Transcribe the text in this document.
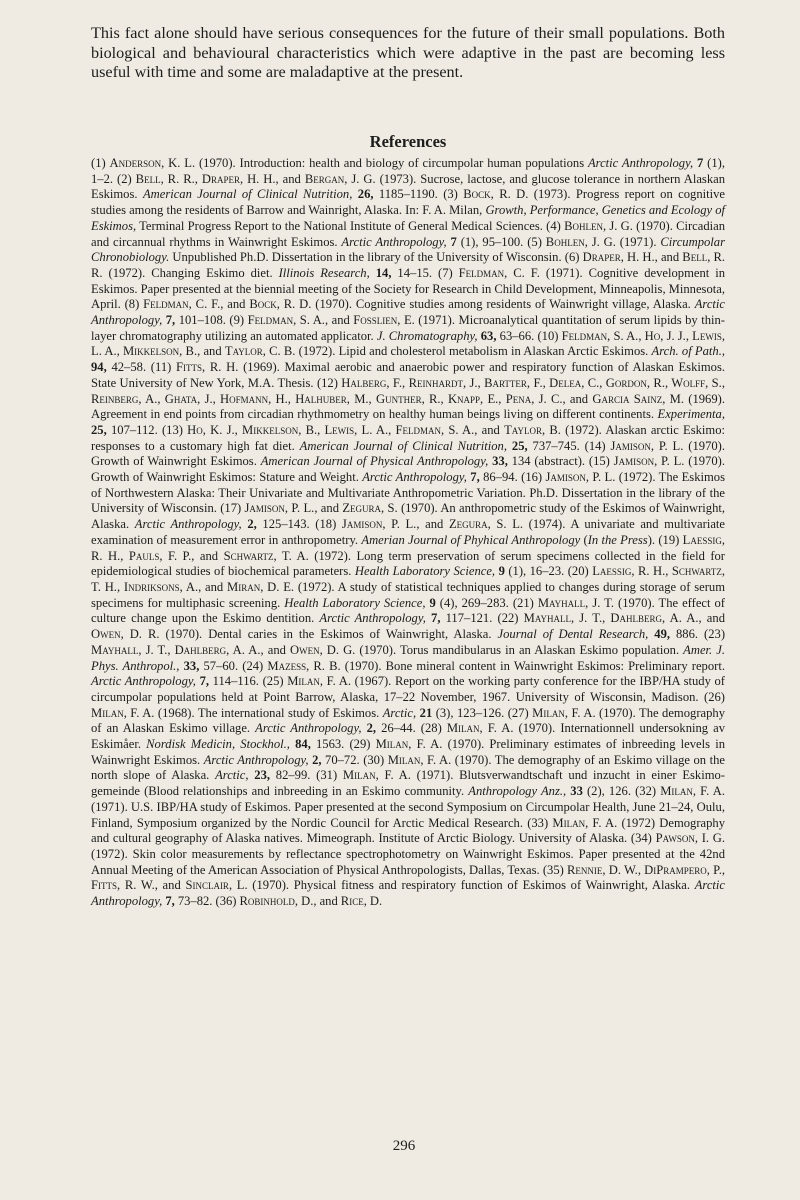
This fact alone should have serious consequences for the future of their small populations. Both biological and behavioural characteristics which were adaptive in the past are becoming less useful with time and some are maladaptive at the present.

References

(1) Anderson, K. L. (1970). Introduction: health and biology of circumpolar human populations Arctic Anthropology, 7 (1), 1–2. (2) Bell, R. R., Draper, H. H., and Bergan, J. G. (1973). Sucrose, lactose, and glucose tolerance in northern Alaskan Eskimos. American Journal of Clinical Nutrition, 26, 1185–1190. (3) Bock, R. D. (1973). Progress report on cognitive studies among the residents of Barrow and Wainright, Alaska. In: F. A. Milan, Growth, Performance, Genetics and Ecology of Eskimos, Terminal Progress Report to the National Institute of General Medical Sciences. (4) Bohlen, J. G. (1970). Circadian and circannual rhythms in Wainwright Eskimos. Arctic Anthropology, 7 (1), 95–100. (5) Bohlen, J. G. (1971). Circumpolar Chronobiology. Unpublished Ph.D. Dissertation in the library of the University of Wisconsin. (6) Draper, H. H., and Bell, R. R. (1972). Changing Eskimo diet. Illinois Research, 14, 14–15. (7) Feldman, C. F. (1971). Cognitive development in Eskimos. Paper presented at the biennial meeting of the Society for Research in Child Development, Minneapolis, Minnesota, April. (8) Feldman, C. F., and Bock, R. D. (1970). Cognitive studies among residents of Wainwright village, Alaska. Arctic Anthropology, 7, 101–108. (9) Feldman, S. A., and Fosslien, E. (1971). Microanalytical quantitation of serum lipids by thin-layer chromatography utilizing an automated applicator. J. Chromatography, 63, 63–66. (10) Feldman, S. A., Ho, J. J., Lewis, L. A., Mikkelson, B., and Taylor, C. B. (1972). Lipid and cholesterol metabolism in Alaskan Arctic Eskimos. Arch. of Path., 94, 42–58. (11) Fitts, R. H. (1969). Maximal aerobic and anaerobic power and respiratory function of Alaskan Eskimos. State University of New York, M.A. Thesis. (12) Halberg, F., Reinhardt, J., Bartter, F., Delea, C., Gordon, R., Wolff, S., Reinberg, A., Ghata, J., Hofmann, H., Halhuber, M., Gunther, R., Knapp, E., Pena, J. C., and Garcia Sainz, M. (1969). Agreement in end points from circadian rhythmometry on healthy human beings living on different continents. Experimenta, 25, 107–112. (13) Ho, K. J., Mikkelson, B., Lewis, L. A., Feldman, S. A., and Taylor, B. (1972). Alaskan arctic Eskimo: responses to a customary high fat diet. American Journal of Clinical Nutrition, 25, 737–745. (14) Jamison, P. L. (1970). Growth of Wainwright Eskimos. American Journal of Physical Anthropology, 33, 134 (abstract). (15) Jamison, P. L. (1970). Growth of Wainwright Eskimos: Stature and Weight. Arctic Anthropology, 7, 86–94. (16) Jamison, P. L. (1972). The Eskimos of Northwestern Alaska: Their Univariate and Multivariate Anthropometric Variation. Ph.D. Dissertation in the library of the University of Wisconsin. (17) Jamison, P. L., and Zegura, S. (1970). An anthropometric study of the Eskimos of Wainwright, Alaska. Arctic Anthropology, 2, 125–143. (18) Jamison, P. L., and Zegura, S. L. (1974). A univariate and multivariate examination of measurement error in anthropometry. Amerian Journal of Phyhical Anthropology (In the Press). (19) Laessig, R. H., Pauls, F. P., and Schwartz, T. A. (1972). Long term preservation of serum specimens collected in the field for epidemiological studies of biochemical parameters. Health Laboratory Science, 9 (1), 16–23. (20) Laessig, R. H., Schwartz, T. H., Indriksons, A., and Miran, D. E. (1972). A study of statistical techniques applied to changes during storage of serum specimens for multiphasic screening. Health Laboratory Science, 9 (4), 269–283. (21) Mayhall, J. T. (1970). The effect of culture change upon the Eskimo dentition. Arctic Anthropology, 7, 117–121. (22) Mayhall, J. T., Dahlberg, A. A., and Owen, D. R. (1970). Dental caries in the Eskimos of Wainwright, Alaska. Journal of Dental Research, 49, 886. (23) Mayhall, J. T., Dahlberg, A. A., and Owen, D. G. (1970). Torus mandibularus in an Alaskan Eskimo population. Amer. J. Phys. Anthropol., 33, 57–60. (24) Mazess, R. B. (1970). Bone mineral content in Wainwright Eskimos: Preliminary report. Arctic Anthropology, 7, 114–116. (25) Milan, F. A. (1967). Report on the working party conference for the IBP/HA study of circumpolar populations held at Point Barrow, Alaska, 17–22 November, 1967. University of Wisconsin, Madison. (26) Milan, F. A. (1968). The international study of Eskimos. Arctic, 21 (3), 123–126. (27) Milan, F. A. (1970). The demography of an Alaskan Eskimo village. Arctic Anthropology, 2, 26–44. (28) Milan, F. A. (1970). Internationnell undersokning av Eskimåer. Nordisk Medicin, Stockhol., 84, 1563. (29) Milan, F. A. (1970). Preliminary estimates of inbreeding levels in Wainwright Eskimos. Arctic Anthropology, 2, 70–72. (30) Milan, F. A. (1970). The demography of an Eskimo village on the north slope of Alaska. Arctic, 23, 82–99. (31) Milan, F. A. (1971). Blutsverwandtschaft und inzucht in einer Eskimo-gemeinde (Blood relationships and inbreeding in an Eskimo community. Anthropology Anz., 33 (2), 126. (32) Milan, F. A. (1971). U.S. IBP/HA study of Eskimos. Paper presented at the second Symposium on Circumpolar Health, June 21–24, Oulu, Finland, Symposium organized by the Nordic Council for Arctic Medical Research. (33) Milan, F. A. (1972) Demography and cultural geography of Alaska natives. Mimeograph. Institute of Arctic Biology. University of Alaska. (34) Pawson, I. G. (1972). Skin color measurements by reflectance spectrophotometry on Wainwright Eskimos. Paper presented at the 42nd Annual Meeting of the American Association of Physical Anthropologists, Dallas, Texas. (35) Rennie, D. W., DiPrampero, P., Fitts, R. W., and Sinclair, L. (1970). Physical fitness and respiratory function of Eskimos of Wainwright, Alaska. Arctic Anthropology, 7, 73–82. (36) Robinhold, D., and Rice, D.

296
